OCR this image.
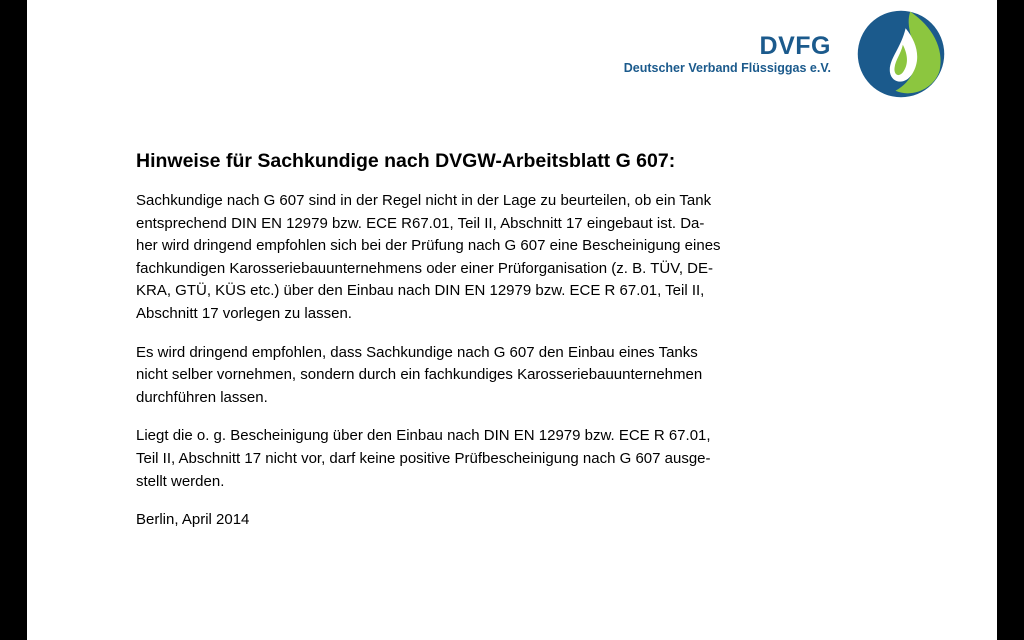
DVFG
Deutscher Verband Flüssiggas e.V.
Hinweise für Sachkundige nach DVGW-Arbeitsblatt G 607:

Sachkundige nach G 607 sind in der Regel nicht in der Lage zu beurteilen, ob ein Tank
entsprechend DIN EN 12979 bzw. ECE R67.01, Teil II, Abschnitt 17 eingebaut ist. Da-
her wird dringend empfohlen sich bei der Prüfung nach G 607 eine Bescheinigung eines
fachkundigen Karosseriebauunternehmens oder einer Prüforganisation (z. B. TÜV, DE-
KRA, GTÜ, KÜS etc.) über den Einbau nach DIN EN 12979 bzw. ECE R 67.01, Teil II,
Abschnitt 17 vorlegen zu lassen.

Es wird dringend empfohlen, dass Sachkundige nach G 607 den Einbau eines Tanks
nicht selber vornehmen, sondern durch ein fachkundiges Karosseriebauunternehmen
durchführen lassen.

Liegt die o. g. Bescheinigung über den Einbau nach DIN EN 12979 bzw. ECE R 67.01,
Teil II, Abschnitt 17 nicht vor, darf keine positive Prüfbescheinigung nach G 607 ausge-
stellt werden.

Berlin, April 2014
